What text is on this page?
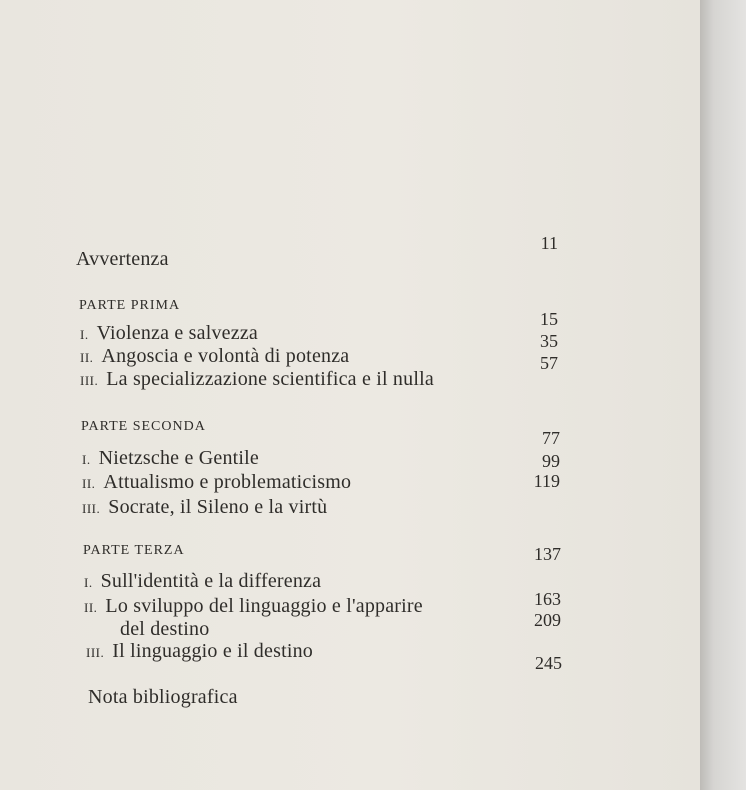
Avvertenza
11
PARTE PRIMA
I. Violenza e salvezza
15
II. Angoscia e volontà di potenza
35
III. La specializzazione scientifica e il nulla
57
PARTE SECONDA
I. Nietzsche e Gentile
77
II. Attualismo e problematicismo
99
III. Socrate, il Sileno e la virtù
119
PARTE TERZA
I. Sull'identità e la differenza
137
II. Lo sviluppo del linguaggio e l'apparire
del destino
163
III. Il linguaggio e il destino
209
Nota bibliografica
245
